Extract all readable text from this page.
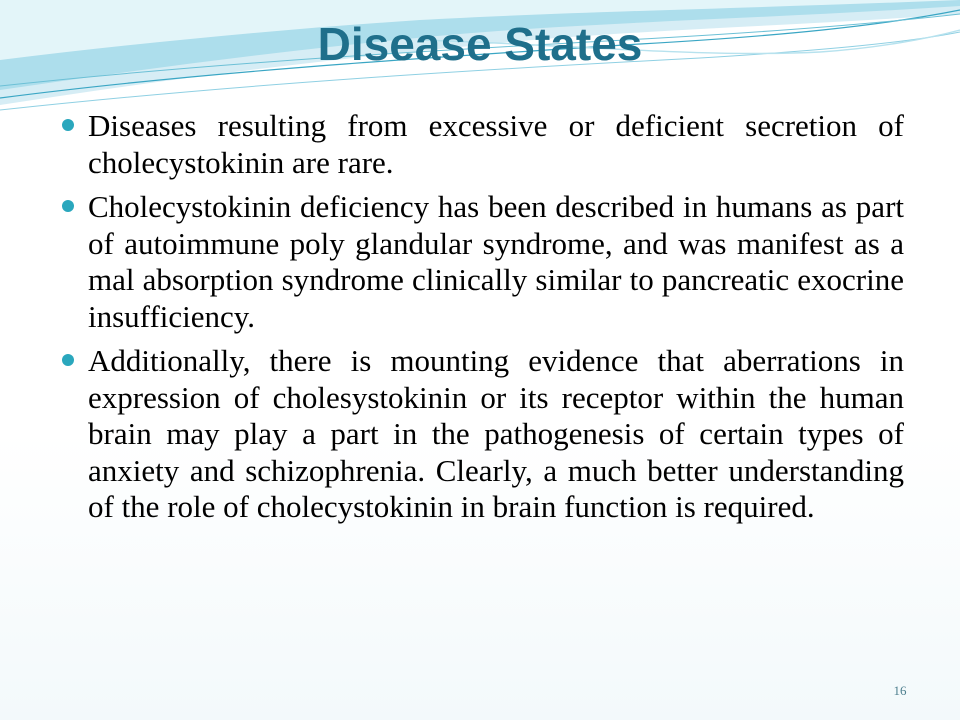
Disease States
Diseases resulting from excessive or deficient secretion of cholecystokinin are rare.
Cholecystokinin deficiency has been described in humans as part of autoimmune poly glandular syndrome, and was manifest as a mal absorption syndrome clinically similar to pancreatic exocrine insufficiency.
Additionally, there is mounting evidence that aberrations in expression of cholesystokinin or its receptor within the human brain may play a part in the pathogenesis of certain types of anxiety and schizophrenia. Clearly, a much better understanding of the role of cholecystokinin in brain function is required.
16
